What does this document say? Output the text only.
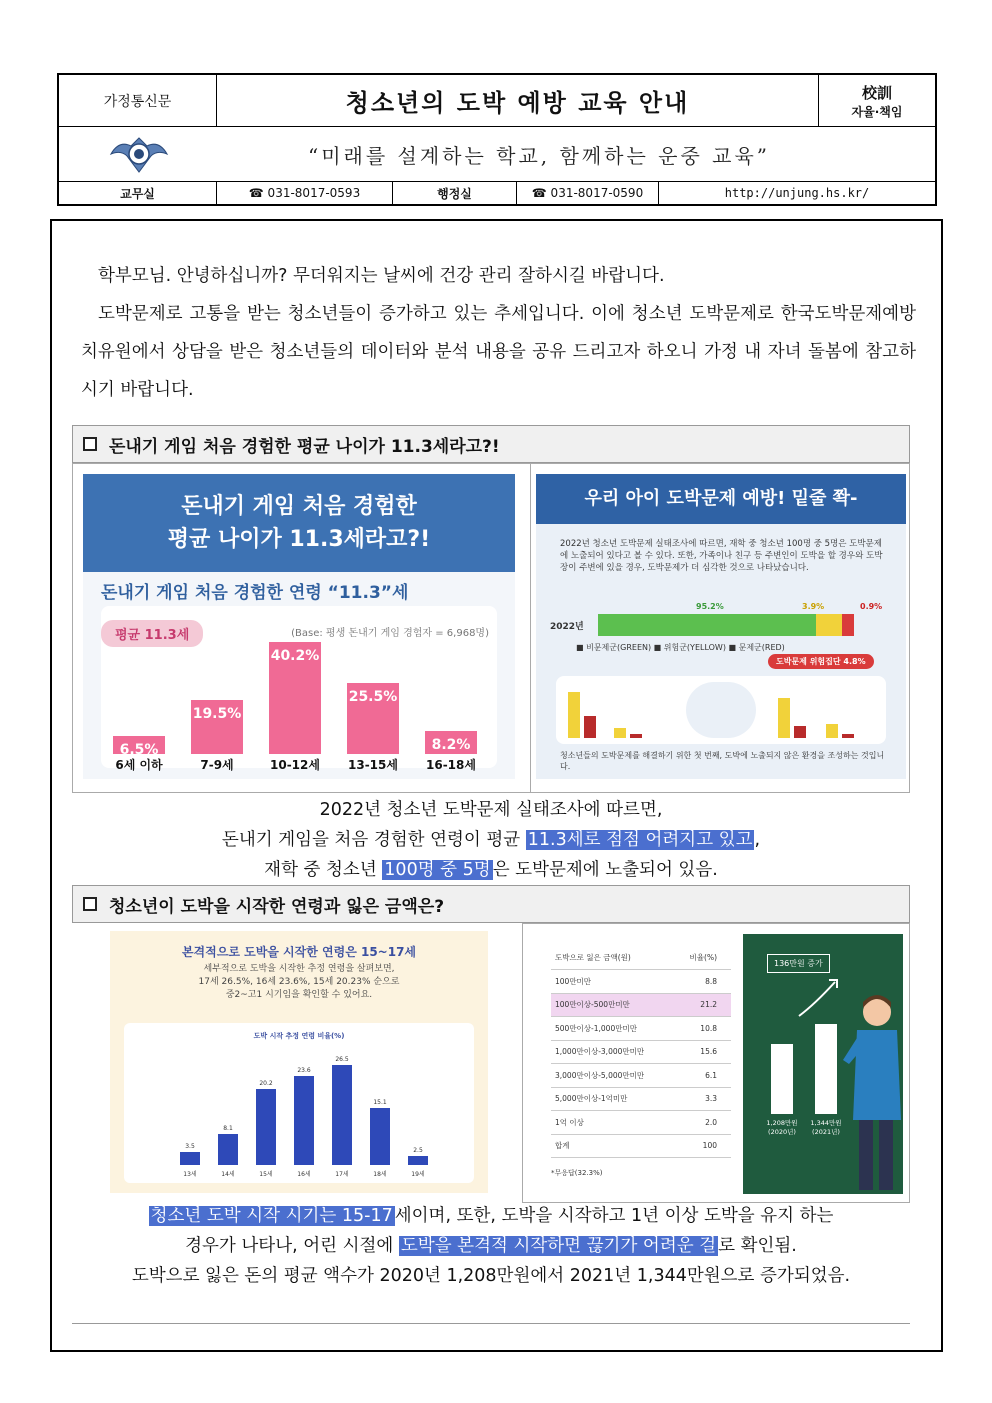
가정통신문	청소년의 도박 예방 교육 안내	校訓
자율·책임
“미래를 설계하는 학교, 함께하는 운중 교육”
교무실	☎ 031-8017-0593	행정실	☎ 031-8017-0590	http://unjung.hs.kr/

학부모님. 안녕하십니까? 무더워지는 날씨에 건강 관리 잘하시길 바랍니다.

도박문제로 고통을 받는 청소년들이 증가하고 있는 추세입니다. 이에 청소년 도박문제로 한국도박문제예방치유원에서 상담을 받은 청소년들의 데이터와 분석 내용을 공유 드리고자 하오니 가정 내 자녀 돌봄에 참고하시기 바랍니다.

돈내기 게임 처음 경험한 평균 나이가 11.3세라고?!
돈내기 게임 처음 경험한
평균 나이가 11.3세라고?!
돈내기 게임 처음 경험한 연령 “11.3”세
평균 11.3세	(Base: 평생 돈내기 게임 경험자 = 6,968명)
6.5%
6세 이하
19.5%
7-9세
40.2%
10-12세
25.5%
13-15세
8.2%
16-18세
우리 아이 도박문제 예방! 밑줄 쫙-
2022년 청소년 도박문제 실태조사에 따르면, 재학 중 청소년 100명 중 5명은 도박문제에 노출되어 있다고 볼 수 있다. 또한, 가족이나 친구 등 주변인이 도박을 할 경우와 도박장이 주변에 있을 경우, 도박문제가 더 심각한 것으로 나타났습니다.
2022년
95.2%	3.9%	0.9%
■ 비문제군(GREEN) ■ 위험군(YELLOW) ■ 문제군(RED)
도박문제 위험집단 4.8%
청소년들의 도박문제를 해결하기 위한 첫 번째, 도박에 노출되지 않은 환경을 조성하는 것입니다.
2022년 청소년 도박문제 실태조사에 따르면,
돈내기 게임을 처음 경험한 연령이 평균 11.3세로 점점 어려지고 있고 ,
재학 중 청소년 100명 중 5명 은 도박문제에 노출되어 있음.
청소년이 도박을 시작한 연령과 잃은 금액은?
본격적으로 도박을 시작한 연령은 15~17세
세부적으로 도박을 시작한 추정 연령을 살펴보면,
17세 26.5%, 16세 23.6%, 15세 20.23% 순으로
중2~고1 시기임을 확인할 수 있어요.
도박 시작 추정 연령 비율(%)
3.5
13세
8.1
14세
20.2
15세
23.6
16세
26.5
17세
15.1
18세
2.5
19세
도박으로 잃은 금액(원)	비율(%)
100만미만	8.8
100만이상-500만미만	21.2
500만이상-1,000만미만	10.8
1,000만이상-3,000만미만	15.6
3,000만이상-5,000만미만	6.1
5,000만이상-1억미만	3.3
1억 이상	2.0
합계	100
*무응답(32.3%)
136만원 증가
1,208만원
(2020년)
1,344만원
(2021년)
청소년 도박 시작 시기는 15-17 세이며, 또한, 도박을 시작하고 1년 이상 도박을 유지 하는
경우가 나타나, 어린 시절에 도박을 본격적 시작하면 끊기가 어려운 걸 로 확인됨.
도박으로 잃은 돈의 평균 액수가 2020년 1,208만원에서 2021년 1,344만원으로 증가되었음.
